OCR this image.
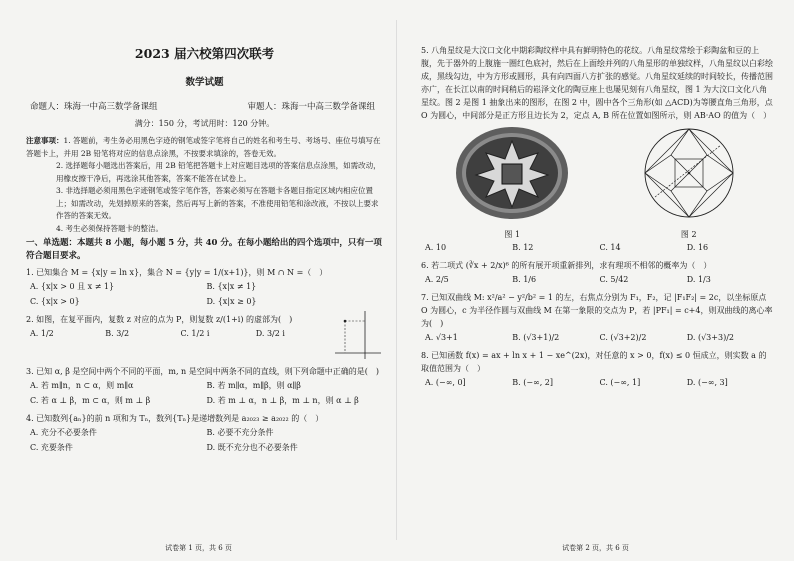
2023 届六校第四次联考
数学试题
命题人：珠海一中高三数学备课组	审题人：珠海一中高三数学备课组
满分：150 分，考试用时：120 分钟。
注意事项：1. 答题前，考生务必用黑色字迹的钢笔或签字笔将自己的姓名和考生号、考场号、座位号填写在答题卡上，并用 2B 铅笔将对应的信息点涂黑，不按要求填涂的，答卷无效。
2. 选择题每小题选出答案后，用 2B 铅笔把答题卡上对应题目选项的答案信息点涂黑，如需改动，用橡皮擦干净后，再选涂其他答案，答案不能答在试卷上。
3. 非选择题必须用黑色字迹钢笔或签字笔作答，答案必须写在答题卡各题目指定区域内相应位置上；如需改动，先划掉原来的答案，然后再写上新的答案，不准使用铅笔和涂改液，不按以上要求作答的答案无效。
4. 考生必须保持答题卡的整洁。
一、单选题：本题共 8 小题，每小题 5 分，共 40 分。在每小题给出的四个选项中，只有一项符合题目要求。
1. 已知集合 M = {x|y = ln x}，集合 N = {y|y = 1/(x+1)}，则 M ∩ N =（　）
A. {x|x > 0 且 x ≠ 1}	B. {x|x ≠ 1}
C. {x|x > 0}	D. {x|x ≥ 0}
2. 如图，在复平面内，复数 z 对应的点为 P，则复数 z/(1+i) 的虚部为(　)
A. 1/2	B. 3/2	C. 1/2 i	D. 3/2 i
3. 已知 α, β 是空间中两个不同的平面，m, n 是空间中两条不同的直线，则下列命题中正确的是(　)
A. 若 m∥n，n ⊂ α，则 m∥α	B. 若 m∥α，m∥β，则 α∥β
C. 若 α ⊥ β，m ⊂ α，则 m ⊥ β	D. 若 m ⊥ α，n ⊥ β，m ⊥ n，则 α ⊥ β
4. 已知数列{aₙ}的前 n 项和为 Tₙ，数列{Tₙ}是递增数列是 a₂₀₂₃ ≥ a₂₀₂₂ 的（　）
A. 充分不必要条件	B. 必要不充分条件
C. 充要条件	D. 既不充分也不必要条件
试卷第 1 页，共 6 页
5. 八角星纹是大汶口文化中期彩陶纹样中具有鲜明特色的花纹。八角星纹常绘于彩陶盆和豆的上腹，先于器外的上腹施一圈红色底衬，然后在上面绘并列的八角星形的单独纹样，八角星纹以白彩绘成，黑线勾边，中为方形或圆形，具有向四面八方扩张的感觉。八角星纹延续的时间较长，传播范围亦广，在长江以南的时间稍后的崧泽文化的陶豆座上也屡见刻有八角星纹，图 1 为大汶口文化八角星纹。图 2 是图 1 抽象出来的图形，在图 2 中，圆中各个三角形(如 △ACD)为等腰直角三角形，点 O 为圆心，中间部分是正方形且边长为 2，定点 A, B 所在位置如图所示，则 AB·AO 的值为（　）
图 1	图 2
A. 10	B. 12	C. 14	D. 16
6. 若二项式 (∛x + 2/x)⁶ 的所有展开项重新排列，求有理项不相邻的概率为（　）
A. 2/5	B. 1/6	C. 5/42	D. 1/3
7. 已知双曲线 M: x²/a² − y²/b² = 1 的左，右焦点分别为 F₁，F₂，记 |F₁F₂| = 2c，以坐标原点 O 为圆心，c 为半径作圆与双曲线 M 在第一象限的交点为 P，若 |PF₁| = c+4，则双曲线的离心率为(　)
A. √3+1	B. (√3+1)/2	C. (√3+2)/2	D. (√3+3)/2
8. 已知函数 f(x) = ax + ln x + 1 − xe^(2x)，对任意的 x > 0，f(x) ≤ 0 恒成立，则实数 a 的取值范围为（　）
A. (−∞, 0]	B. (−∞, 2]	C. (−∞, 1]	D. (−∞, 3]
试卷第 2 页，共 6 页
